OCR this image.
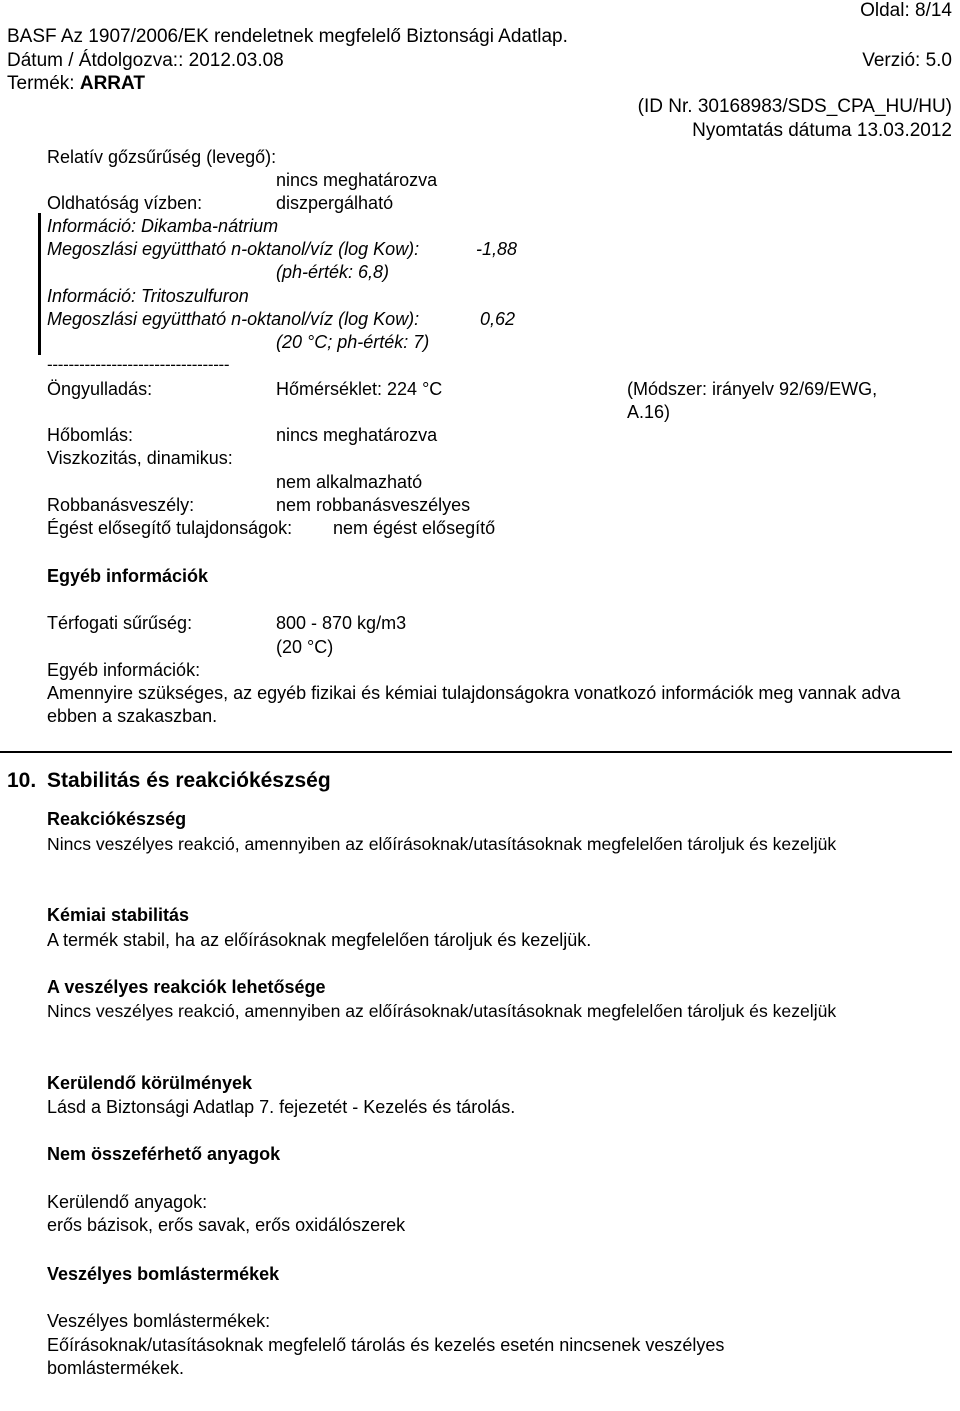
Oldal: 8/14
BASF Az 1907/2006/EK rendeletnek megfelelő Biztonsági Adatlap.
Dátum / Átdolgozva:: 2012.03.08	Verzió: 5.0
Termék: ARRAT
(ID Nr. 30168983/SDS_CPA_HU/HU)
Nyomtatás dátuma 13.03.2012
Relatív gőzsűrűség (levegő):
nincs meghatározva
Oldhatóság vízben:	diszpergálható
Információ: Dikamba-nátrium
Megoszlási együttható n-oktanol/víz (log Kow):	-1,88
(ph-érték: 6,8)
Információ: Tritoszulfuron
Megoszlási együttható n-oktanol/víz (log Kow):	0,62
(20 °C; ph-érték: 7)
----------------------------------
Öngyulladás:	Hőmérséklet: 224 °C	(Módszer: irányelv 92/69/EWG,
A.16)
Hőbomlás:	nincs meghatározva
Viszkozitás, dinamikus:
nem alkalmazható
Robbanásveszély:	nem robbanásveszélyes
Égést elősegítő tulajdonságok: nem égést elősegítő
Egyéb információk
Térfogati sűrűség:	800 - 870 kg/m3
(20 °C)
Egyéb információk:
Amennyire szükséges, az egyéb fizikai és kémiai tulajdonságokra vonatkozó információk meg vannak adva ebben a szakaszban.
10. Stabilitás és reakciókészség
Reakciókészség
Nincs veszélyes reakció, amennyiben az előírásoknak/utasításoknak megfelelően tároljuk és kezeljük
Kémiai stabilitás
A termék stabil, ha az előírásoknak megfelelően tároljuk és kezeljük.
A veszélyes reakciók lehetősége
Nincs veszélyes reakció, amennyiben az előírásoknak/utasításoknak megfelelően tároljuk és kezeljük
Kerülendő körülmények
Lásd a Biztonsági Adatlap 7. fejezetét - Kezelés és tárolás.
Nem összeférhető anyagok
Kerülendő anyagok:
erős bázisok, erős savak, erős oxidálószerek
Veszélyes bomlástermékek
Veszélyes bomlástermékek:
Eőírásoknak/utasításoknak megfelelő tárolás és kezelés esetén nincsenek veszélyes bomlástermékek.
